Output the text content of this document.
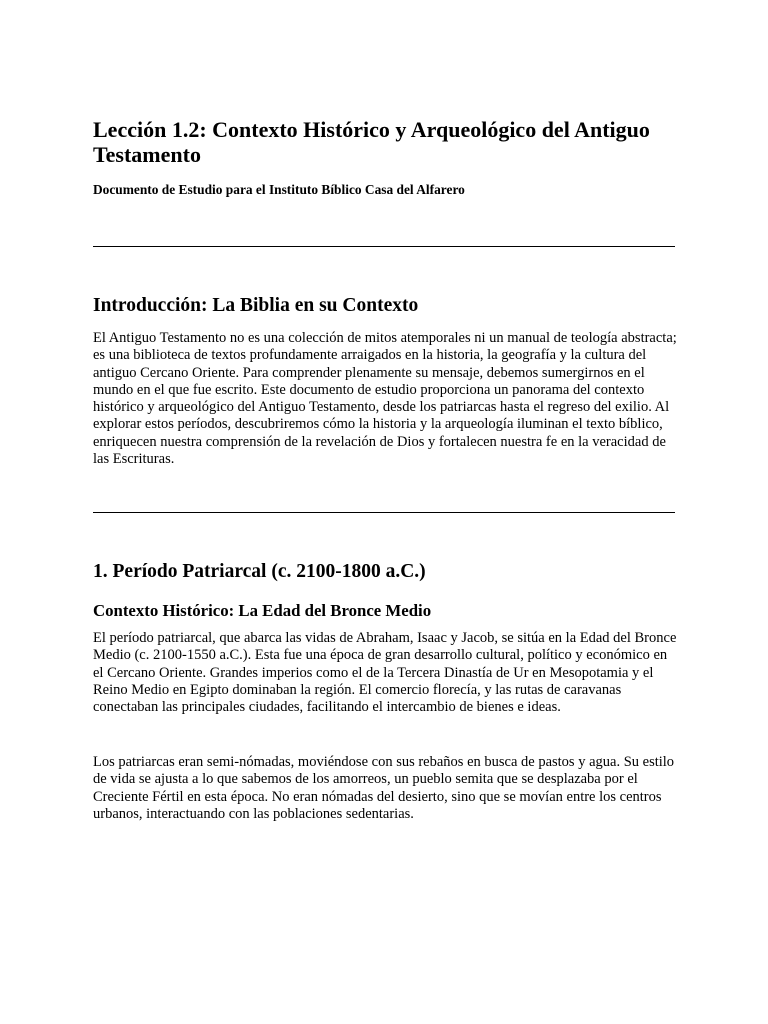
Lección 1.2: Contexto Histórico y Arqueológico del Antiguo Testamento
Documento de Estudio para el Instituto Bíblico Casa del Alfarero
Introducción: La Biblia en su Contexto

El Antiguo Testamento no es una colección de mitos atemporales ni un manual de teología abstracta; es una biblioteca de textos profundamente arraigados en la historia, la geografía y la cultura del antiguo Cercano Oriente. Para comprender plenamente su mensaje, debemos sumergirnos en el mundo en el que fue escrito. Este documento de estudio proporciona un panorama del contexto histórico y arqueológico del Antiguo Testamento, desde los patriarcas hasta el regreso del exilio. Al explorar estos períodos, descubriremos cómo la historia y la arqueología iluminan el texto bíblico, enriquecen nuestra comprensión de la revelación de Dios y fortalecen nuestra fe en la veracidad de las Escrituras.

1. Período Patriarcal (c. 2100-1800 a.C.)
Contexto Histórico: La Edad del Bronce Medio

El período patriarcal, que abarca las vidas de Abraham, Isaac y Jacob, se sitúa en la Edad del Bronce Medio (c. 2100-1550 a.C.). Esta fue una época de gran desarrollo cultural, político y económico en el Cercano Oriente. Grandes imperios como el de la Tercera Dinastía de Ur en Mesopotamia y el Reino Medio en Egipto dominaban la región. El comercio florecía, y las rutas de caravanas conectaban las principales ciudades, facilitando el intercambio de bienes e ideas.

Los patriarcas eran semi-nómadas, moviéndose con sus rebaños en busca de pastos y agua. Su estilo de vida se ajusta a lo que sabemos de los amorreos, un pueblo semita que se desplazaba por el Creciente Fértil en esta época. No eran nómadas del desierto, sino que se movían entre los centros urbanos, interactuando con las poblaciones sedentarias.
